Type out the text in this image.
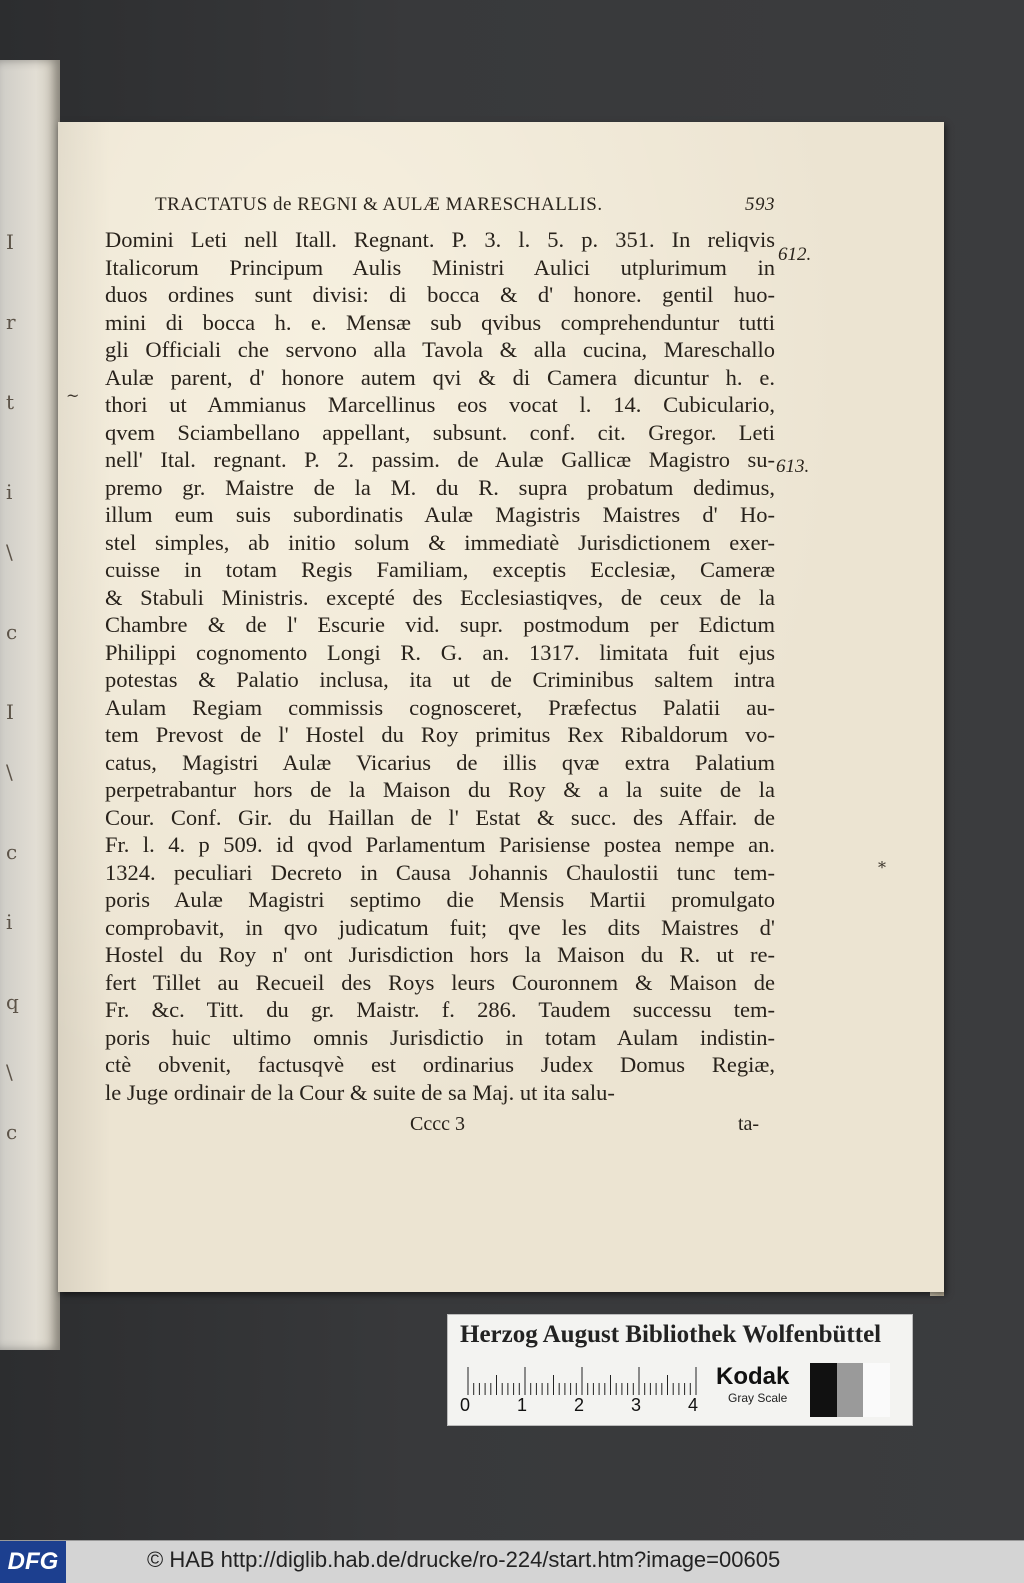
I
r
t
i
\
c
I
\
c
i
q
\
c
TRACTATUS de REGNI & AULÆ MARESCHALLIS.	593
612.
613.
~
*
Domini Leti nell Itall. Regnant. P. 3. l. 5. p. 351. In reliqvis
Italicorum Principum Aulis Ministri Aulici utplurimum in
duos ordines sunt divisi: di bocca & d' honore. gentil huo-
mini di bocca h. e. Mensæ sub qvibus comprehenduntur tutti
gli Officiali che servono alla Tavola & alla cucina, Mareschallo
Aulæ parent, d' honore autem qvi & di Camera dicuntur h. e.
thori ut Ammianus Marcellinus eos vocat l. 14. Cubiculario,
qvem Sciambellano appellant, subsunt. conf. cit. Gregor. Leti
nell' Ital. regnant. P. 2. passim. de Aulæ Gallicæ Magistro su-
premo gr. Maistre de la M. du R. supra probatum dedimus,
illum eum suis subordinatis Aulæ Magistris Maistres d' Ho-
stel simples, ab initio solum & immediatè Jurisdictionem exer-
cuisse in totam Regis Familiam, exceptis Ecclesiæ, Cameræ
& Stabuli Ministris. excepté des Ecclesiastiqves, de ceux de la
Chambre & de l' Escurie vid. supr. postmodum per Edictum
Philippi cognomento Longi R. G. an. 1317. limitata fuit ejus
potestas & Palatio inclusa, ita ut de Criminibus saltem intra
Aulam Regiam commissis cognosceret, Præfectus Palatii au-
tem Prevost de l' Hostel du Roy primitus Rex Ribaldorum vo-
catus, Magistri Aulæ Vicarius de illis qvæ extra Palatium
perpetrabantur hors de la Maison du Roy & a la suite de la
Cour. Conf. Gir. du Haillan de l' Estat & succ. des Affair. de
Fr. l. 4. p 509. id qvod Parlamentum Parisiense postea nempe an.
1324. peculiari Decreto in Causa Johannis Chaulostii tunc tem-
poris Aulæ Magistri septimo die Mensis Martii promulgato
comprobavit, in qvo judicatum fuit; qve les dits Maistres d'
Hostel du Roy n' ont Jurisdiction hors la Maison du R. ut re-
fert Tillet au Recueil des Roys leurs Couronnem & Maison de
Fr. &c. Titt. du gr. Maistr. f. 286. Taudem successu tem-
poris huic ultimo omnis Jurisdictio in totam Aulam indistin-
ctè obvenit, factusqvè est ordinarius Judex Domus Regiæ,
le Juge ordinair de la Cour & suite de sa Maj. ut ita salu-
Cccc 3	ta-
Herzog August Bibliothek Wolfenbüttel
0	1	2	3	4
Kodak
Gray Scale
DFG	© HAB http://diglib.hab.de/drucke/ro-224/start.htm?image=00605
